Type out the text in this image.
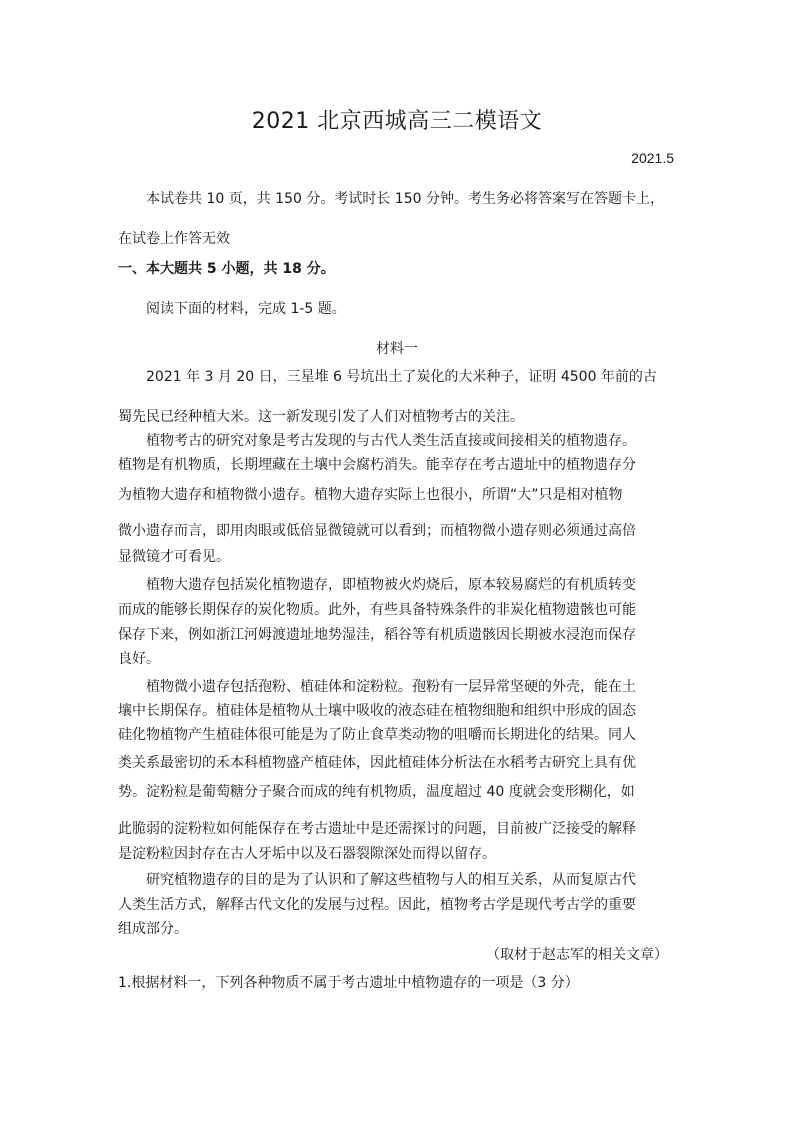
2021 北京西城高三二模语文
2021.5
本试卷共 10 页，共 150 分。考试时长 150 分钟。考生务必将答案写在答题卡上，
在试卷上作答无效
一、本大题共 5 小题，共 18 分。
阅读下面的材料，完成 1-5 题。
材料一
2021 年 3 月 20 日，三星堆 6 号坑出土了炭化的大米种子，证明 4500 年前的古
蜀先民已经种植大米。这一新发现引发了人们对植物考古的关注。
植物考古的研究对象是考古发现的与古代人类生活直接或间接相关的植物遗存。
植物是有机物质，长期埋藏在土壤中会腐朽消失。能幸存在考古遗址中的植物遗存分
为植物大遗存和植物微小遗存。植物大遗存实际上也很小，所谓“大”只是相对植物
微小遗存而言，即用肉眼或低倍显微镜就可以看到；而植物微小遗存则必须通过高倍
显微镜才可看见。
植物大遗存包括炭化植物遗存，即植物被火灼烧后，原本较易腐烂的有机质转变
而成的能够长期保存的炭化物质。此外，有些具备特殊条件的非炭化植物遗骸也可能
保存下来，例如浙江河姆渡遗址地势湿洼，稻谷等有机质遗骸因长期被水浸泡而保存
良好。
植物微小遗存包括孢粉、植硅体和淀粉粒。孢粉有一层异常坚硬的外壳，能在土
壤中长期保存。植硅体是植物从土壤中吸收的液态硅在植物细胞和组织中形成的固态
硅化物植物产生植硅体很可能是为了防止食草类动物的咀嚼而长期进化的结果。同人
类关系最密切的禾本科植物盛产植硅体，因此植硅体分析法在水稻考古研究上具有优
势。淀粉粒是葡萄糖分子聚合而成的纯有机物质，温度超过 40 度就会变形糊化，如
此脆弱的淀粉粒如何能保存在考古遗址中是还需探讨的问题，目前被广泛接受的解释
是淀粉粒因封存在古人牙垢中以及石器裂隙深处而得以留存。
研究植物遗存的目的是为了认识和了解这些植物与人的相互关系，从而复原古代
人类生活方式，解释古代文化的发展与过程。因此，植物考古学是现代考古学的重要
组成部分。
（取材于赵志军的相关文章）
1.根据材料一，下列各种物质不属于考古遗址中植物遗存的一项是（3 分）
